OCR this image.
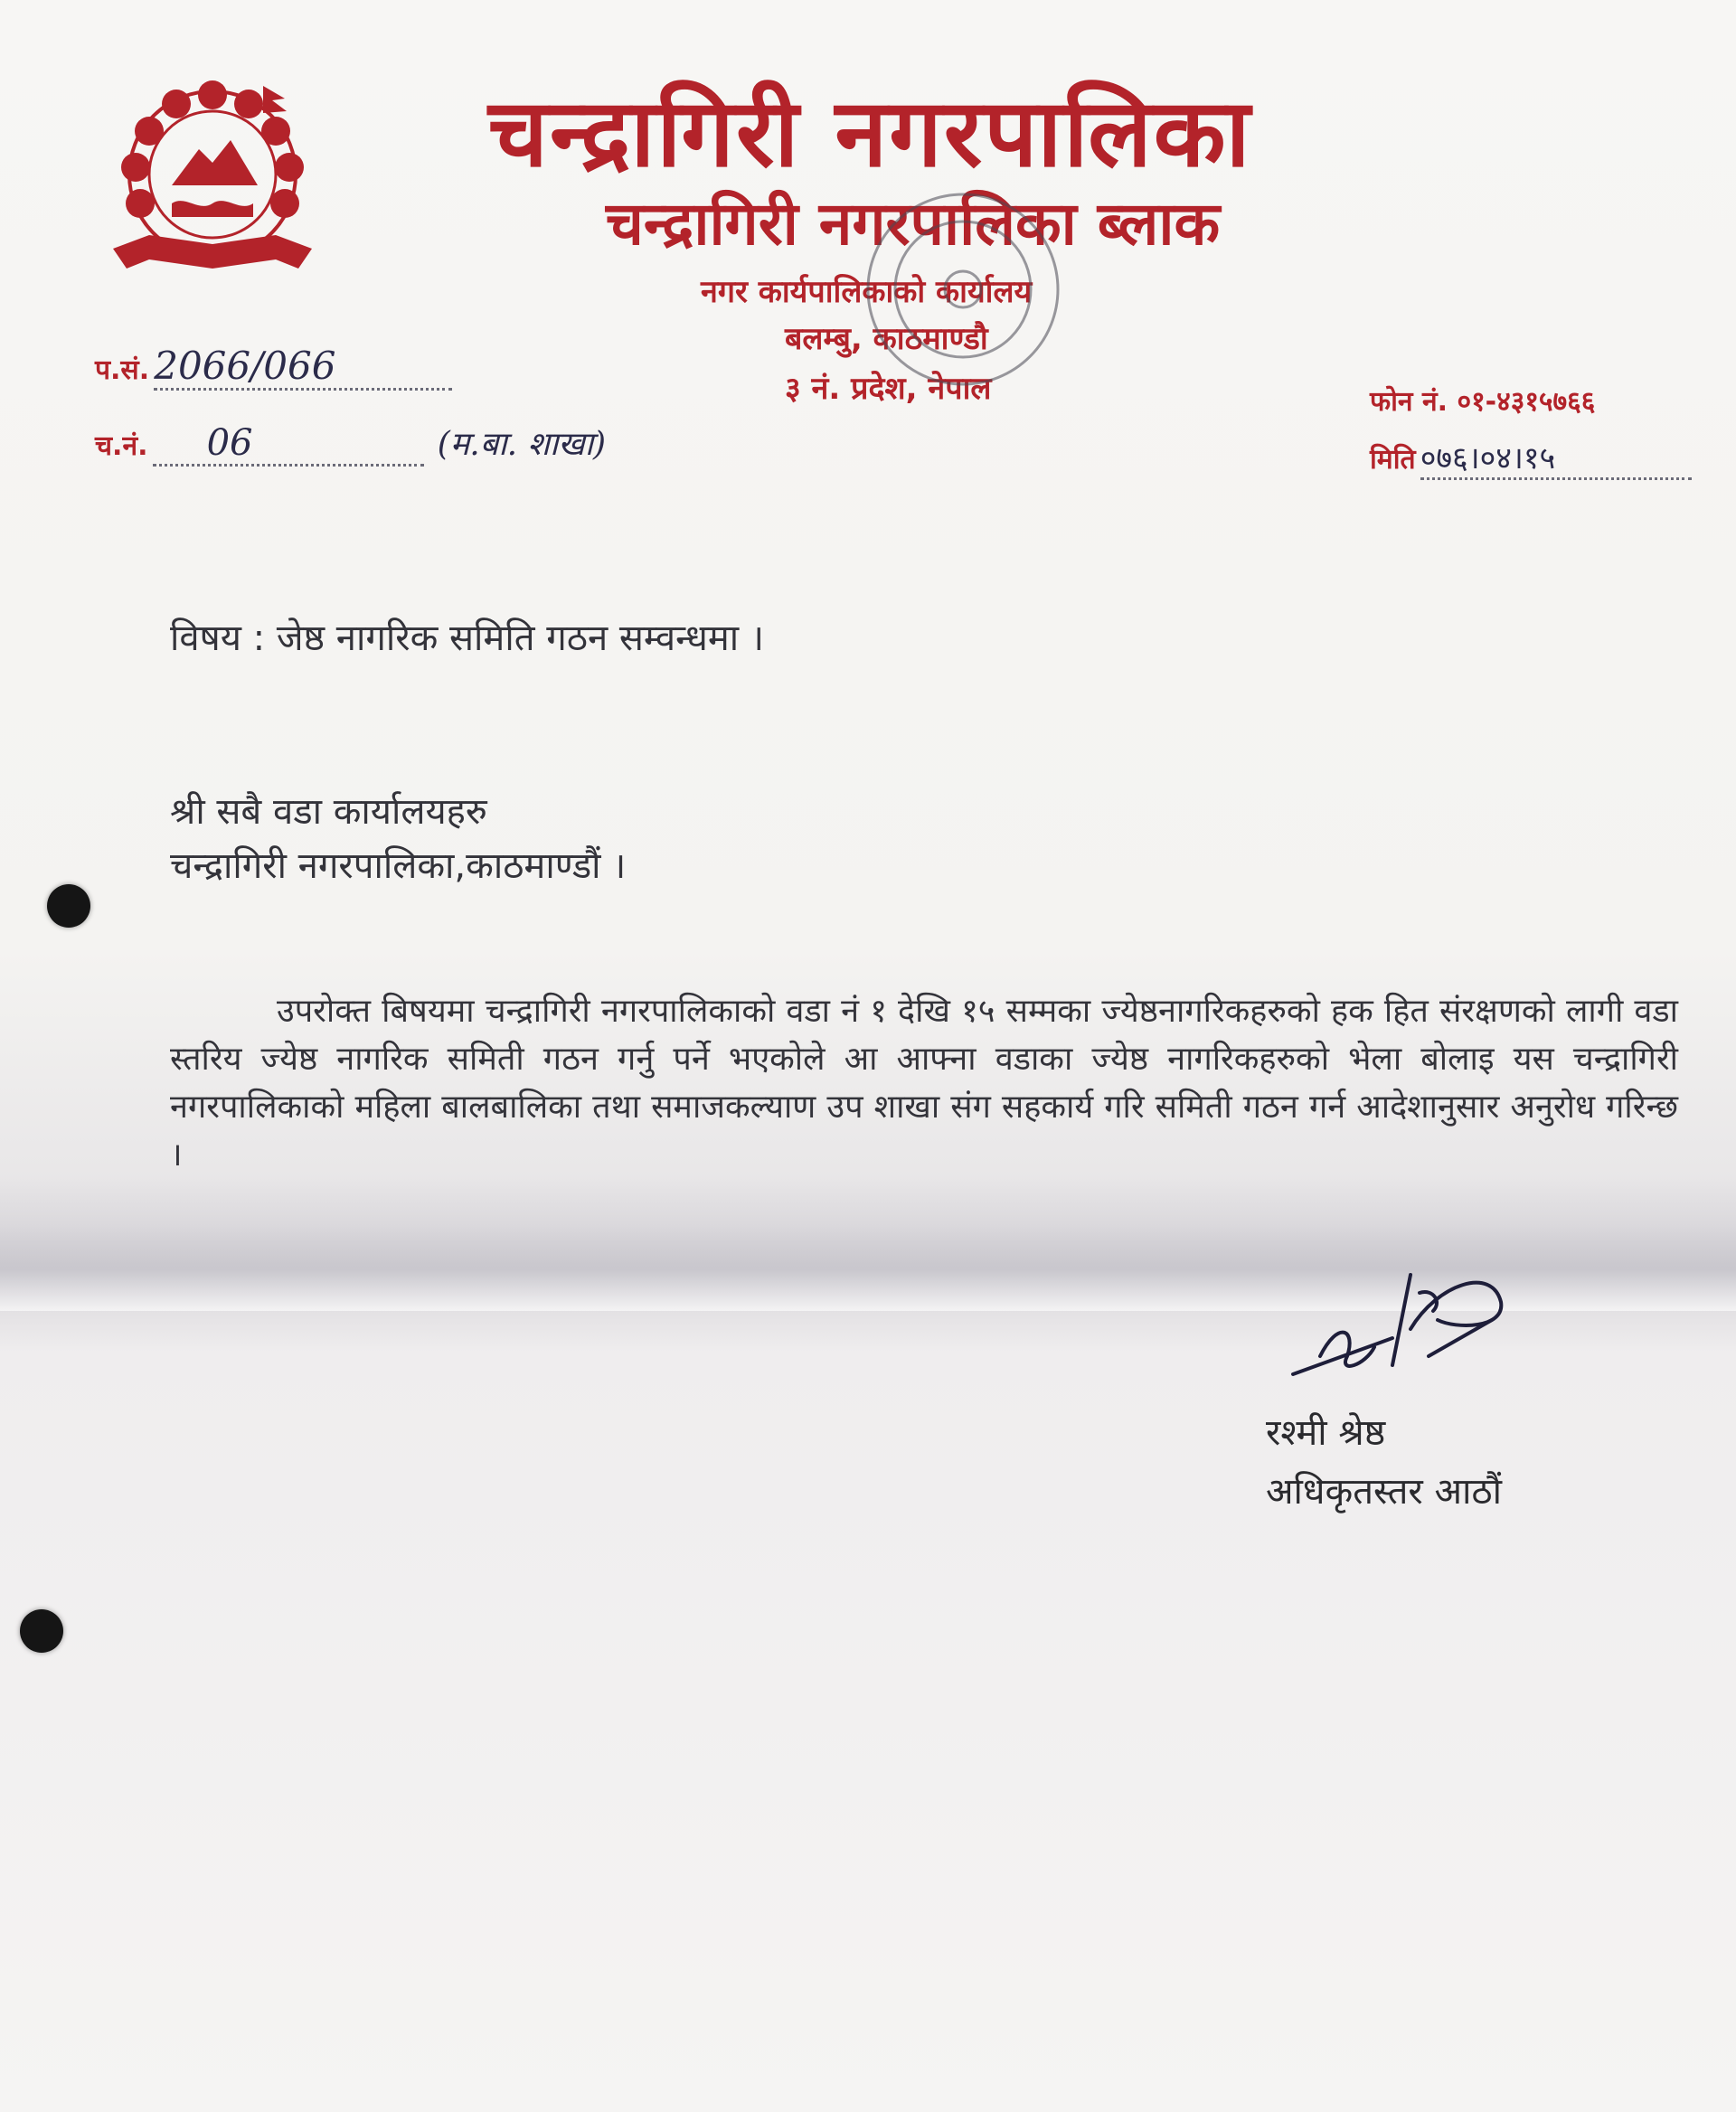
चन्द्रागिरी नगरपालिका
चन्द्रागिरी नगरपालिका ब्लाक
नगर कार्यपालिकाको कार्यालय
बलम्बु, काठमाण्डौ
३ नं. प्रदेश, नेपाल
प.सं. 2066/066
च.नं. 06	(म.बा. शाखा)
फोन नं. ०१-४३१५७६६
मिति ०७६।०४।१५
विषय : जेष्ठ नागरिक समिति गठन सम्वन्धमा ।
श्री सबै वडा कार्यालयहरु
चन्द्रागिरी नगरपालिका,काठमाण्डौं ।

उपरोक्त बिषयमा चन्द्रागिरी नगरपालिकाको वडा नं १ देखि १५ सम्मका ज्येष्ठनागरिकहरुको हक हित संरक्षणको लागी वडा स्तरिय ज्येष्ठ नागरिक समिती गठन गर्नु पर्ने भएकोले आ आफ्ना वडाका ज्येष्ठ नागरिकहरुको भेला बोलाइ यस चन्द्रागिरी नगरपालिकाको महिला बालबालिका तथा समाजकल्याण उप शाखा संग सहकार्य गरि समिती गठन गर्न आदेशानुसार अनुरोध गरिन्छ ।

रश्मी श्रेष्ठ
अधिकृतस्तर आठौं
